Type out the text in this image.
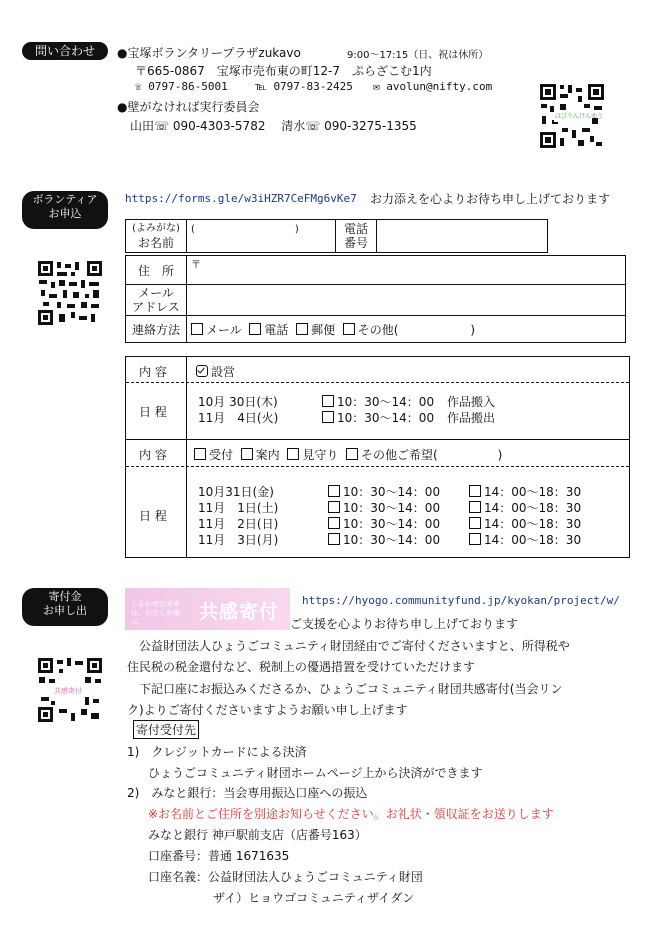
問い合わせ	●宝塚ボランタリープラザzukavo	9:00～17:15（日、祝は休所）
〒665-0867　宝塚市売布東の町12-7　ぷらざこむ1内
☏ 0797-86-5001 ℡ 0797-83-2425 ✉ avolun@nifty.com
●壁がなければ実行委員会
山田☏ 090-4303-5782　 清水☏ 090-3275-1355
ほびりんけんゆう
ボランティア
お申込
https://forms.gle/w3iHZR7CeFMg6vKe7 お力添えを心よりお待ち申し上げております
(よみがな)
お名前
	(　　　　　　　　　　)	電話
番号

住　所	〒

メール
アドレス	

連絡方法	メール 電話 郵便 その他(　　　　　　)
内 容	設営
日 程
10月 30日(木)	10：30～14：00 作品搬入
11月　4日(火)	10：30～14：00 作品搬出
内 容	受付 案内 見守り その他ご希望(　　　　　)
日 程
10月31日(金)	10：30～14：00	14：00～18：30
11月　1日(土)	10：30～14：00	14：00～18：30
11月　2日(日)	10：30～14：00	14：00～18：30
11月　3日(月)	10：30～14：00	14：00～18：30
寄付金
お申し出	しあわせな未来は、わたしが選ぶ。	共感寄付
https://hyogo.communityfund.jp/kyokan/project/w/
共感寄付
ご支援を心よりお待ち申し上げております
　公益財団法人ひょうごコミュニティ財団経由でご寄付くださいますと、所得税や
住民税の税金還付など、税制上の優遇措置を受けていただけます
　下記口座にお振込みくださるか、ひょうごコミュニティ財団共感寄付(当会リン
ク)よりご寄付くださいますようお願い申し上げます
寄付受付先
1)　クレジットカードによる決済
ひょうごコミュニティ財団ホームページ上から決済ができます
2)　みなと銀行：当会専用振込口座への振込
※お名前とご住所を別途お知らせください。お礼状・領収証をお送りします
みなと銀行 神戸駅前支店（店番号163）
口座番号：普通 1671635
口座名義：公益財団法人ひょうごコミュニティ財団
ザイ）ヒョウゴコミュニティザイダン
